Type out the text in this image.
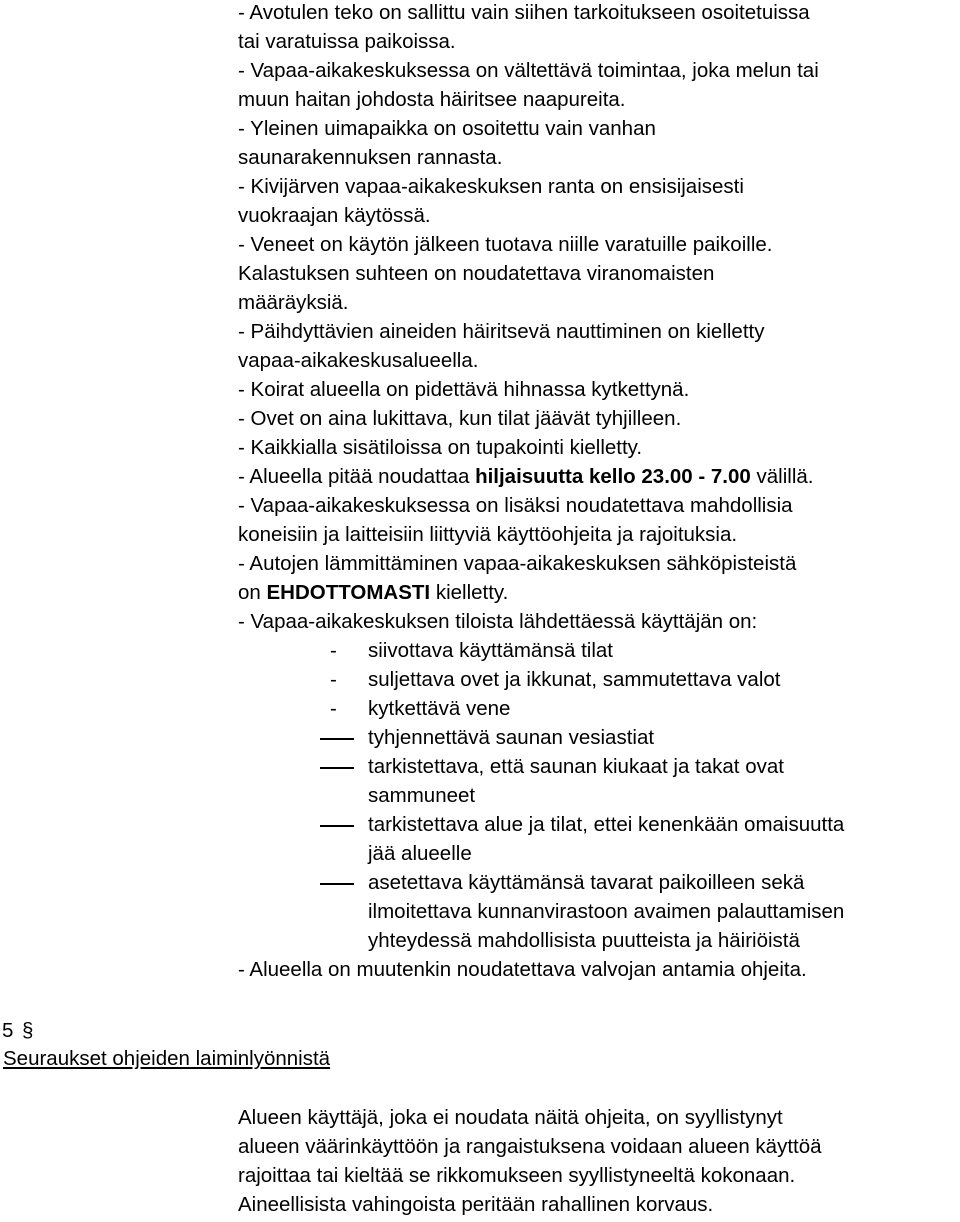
- Avotulen teko on sallittu vain siihen tarkoitukseen osoitetuissa
tai varatuissa paikoissa.
- Vapaa-aikakeskuksessa on vältettävä toimintaa, joka melun tai
muun haitan johdosta häiritsee naapureita.
- Yleinen uimapaikka on osoitettu vain vanhan
saunarakennuksen rannasta.
- Kivijärven vapaa-aikakeskuksen ranta on ensisijaisesti
vuokraajan käytössä.
- Veneet on käytön jälkeen tuotava niille varatuille paikoille.
Kalastuksen suhteen on noudatettava viranomaisten
määräyksiä.
- Päihdyttävien aineiden häiritsevä nauttiminen on kielletty
vapaa-aikakeskusalueella.
- Koirat alueella on pidettävä hihnassa kytkettynä.
- Ovet on aina lukittava, kun tilat jäävät tyhjilleen.
- Kaikkialla sisätiloissa on tupakointi kielletty.
- Alueella pitää noudattaa hiljaisuutta kello 23.00 - 7.00 välillä.
- Vapaa-aikakeskuksessa on lisäksi noudatettava mahdollisia
koneisiin ja laitteisiin liittyviä käyttöohjeita ja rajoituksia.
- Autojen lämmittäminen vapaa-aikakeskuksen sähköpisteistä
on EHDOTTOMASTI kielletty.
- Vapaa-aikakeskuksen tiloista lähdettäessä käyttäjän on:
- siivottava käyttämänsä tilat
- suljettava ovet ja ikkunat, sammutettava valot
- kytkettävä vene
tyhjennettävä saunan vesiastiat
tarkistettava, että saunan kiukaat ja takat ovat
sammuneet
tarkistettava alue ja tilat, ettei kenenkään omaisuutta
jää alueelle
asetettava käyttämänsä tavarat paikoilleen sekä
ilmoitettava kunnanvirastoon avaimen palauttamisen
yhteydessä mahdollisista puutteista ja häiriöistä
- Alueella on muutenkin noudatettava valvojan antamia ohjeita.
5 §
Seuraukset ohjeiden laiminlyönnistä
Alueen käyttäjä, joka ei noudata näitä ohjeita, on syyllistynyt
alueen väärinkäyttöön ja rangaistuksena voidaan alueen käyttöä
rajoittaa tai kieltää se rikkomukseen syyllistyneeltä kokonaan.
Aineellisista vahingoista peritään rahallinen korvaus.
